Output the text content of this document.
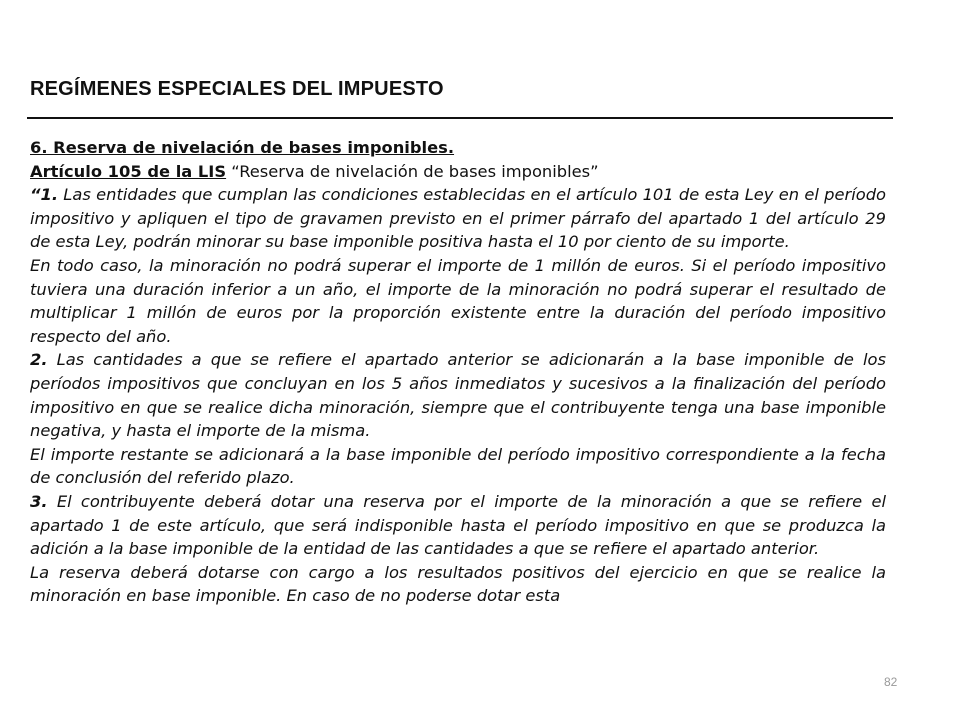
REGÍMENES ESPECIALES DEL IMPUESTO

6. Reserva de nivelación de bases imponibles.

Artículo 105 de la LIS “Reserva de nivelación de bases imponibles”

“1. Las entidades que cumplan las condiciones establecidas en el artículo 101 de esta Ley en el período impositivo y apliquen el tipo de gravamen previsto en el primer párrafo del apartado 1 del artículo 29 de esta Ley, podrán minorar su base imponible positiva hasta el 10 por ciento de su importe.

En todo caso, la minoración no podrá superar el importe de 1 millón de euros. Si el período impositivo tuviera una duración inferior a un año, el importe de la minoración no podrá superar el resultado de multiplicar 1 millón de euros por la proporción existente entre la duración del período impositivo respecto del año.

2. Las cantidades a que se refiere el apartado anterior se adicionarán a la base imponible de los períodos impositivos que concluyan en los 5 años inmediatos y sucesivos a la finalización del período impositivo en que se realice dicha minoración, siempre que el contribuyente tenga una base imponible negativa, y hasta el importe de la misma.

El importe restante se adicionará a la base imponible del período impositivo correspondiente a la fecha de conclusión del referido plazo.

3. El contribuyente deberá dotar una reserva por el importe de la minoración a que se refiere el apartado 1 de este artículo, que será indisponible hasta el período impositivo en que se produzca la adición a la base imponible de la entidad de las cantidades a que se refiere el apartado anterior.

La reserva deberá dotarse con cargo a los resultados positivos del ejercicio en que se realice la minoración en base imponible. En caso de no poderse dotar esta

82
